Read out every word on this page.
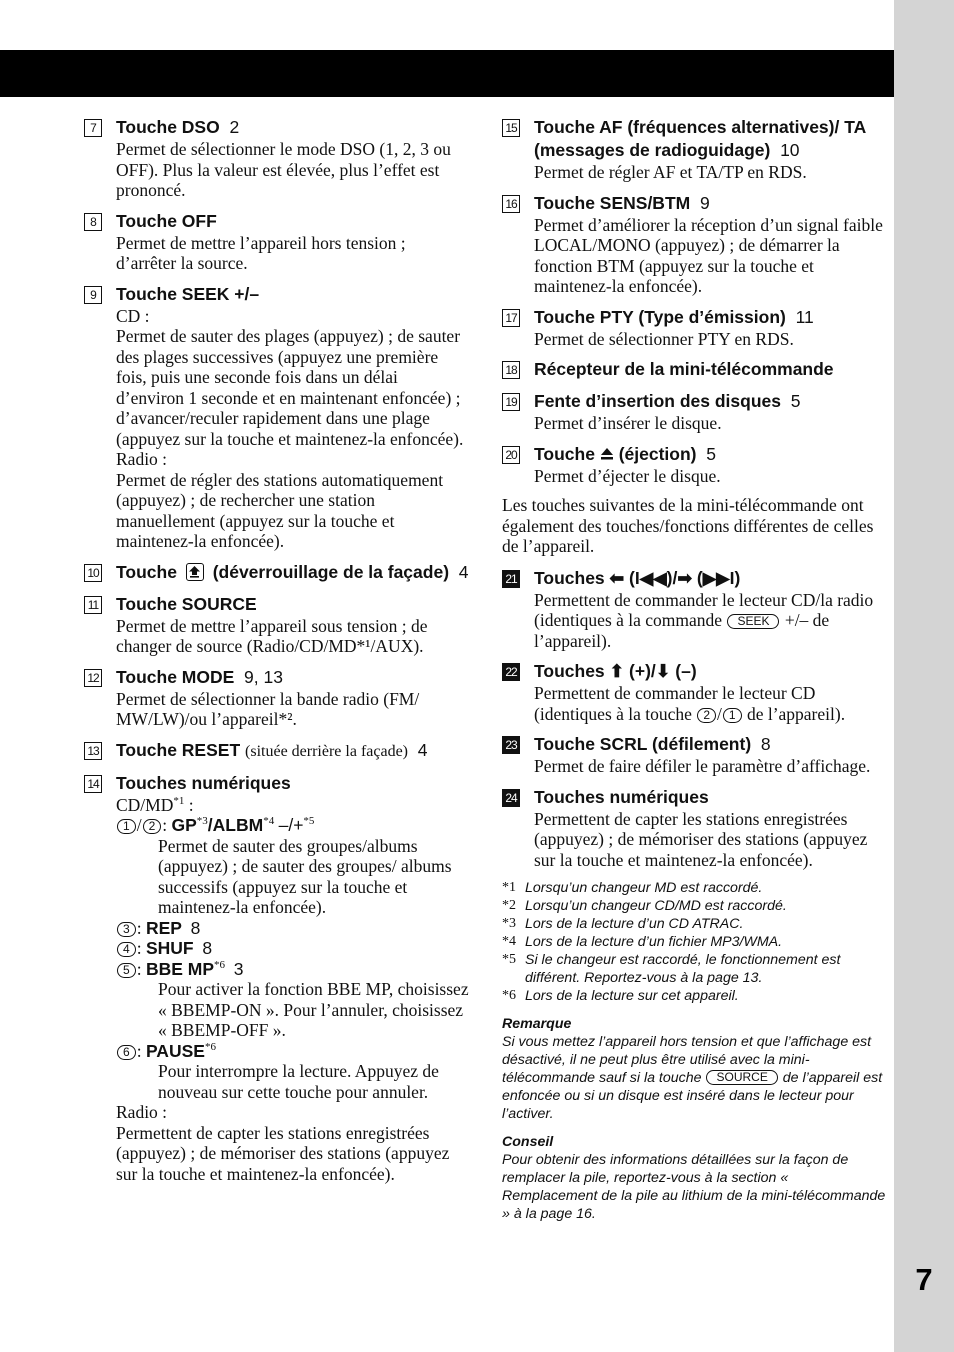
7
7	Touche DSO 2
Permet de sélectionner le mode DSO (1, 2, 3 ou OFF). Plus la valeur est élevée, plus l’effet est prononcé.
8	Touche OFF
Permet de mettre l’appareil hors tension ; d’arrêter la source.
9	Touche SEEK +/–

CD :

Permet de sauter des plages (appuyez) ; de sauter des plages successives (appuyez une première fois, puis une seconde fois dans un délai d’environ 1 seconde et en maintenant enfoncée) ; d’avancer/reculer rapidement dans une plage (appuyez sur la touche et maintenez-la enfoncée).

Radio :

Permet de régler des stations automatiquement (appuyez) ; de rechercher une station manuellement (appuyez sur la touche et maintenez-la enfoncée).

10 Touche (déverrouillage de la façade) 4
11 Touche SOURCE
Permet de mettre l’appareil sous tension ; de changer de source (Radio/CD/MD*¹/AUX).
12 Touche MODE 9, 13
Permet de sélectionner la bande radio (FM/ MW/LW)/ou l’appareil*².
13 Touche RESET (située derrière la façade) 4
14 Touches numériques

CD/MD$^{*1}$ :

1 / 2 : GP$^{*3}$/ALBM$^{*4}$ –/+$^{*5}$

Permet de sauter des groupes/albums (appuyez) ; de sauter des groupes/ albums successifs (appuyez sur la touche et maintenez-la enfoncée).

3 : REP 8

4 : SHUF 8

5 : BBE MP$^{*6}$ 3

Pour activer la fonction BBE MP, choisissez « BBEMP-ON ». Pour l’annuler, choisissez « BBEMP-OFF ».

6 : PAUSE$^{*6}$

Pour interrompre la lecture. Appuyez de nouveau sur cette touche pour annuler.

Radio :

Permettent de capter les stations enregistrées (appuyez) ; de mémoriser des stations (appuyez sur la touche et maintenez-la enfoncée).

15 Touche AF (fréquences alternatives)/ TA (messages de radioguidage) 10
Permet de régler AF et TA/TP en RDS.
16 Touche SENS/BTM 9
Permet d’améliorer la réception d’un signal faible LOCAL/MONO (appuyez) ; de démarrer la fonction BTM (appuyez sur la touche et maintenez-la enfoncée).
17 Touche PTY (Type d’émission) 11
Permet de sélectionner PTY en RDS.
18 Récepteur de la mini-télécommande
19 Fente d’insertion des disques 5
Permet d’insérer le disque.
20 Touche (éjection) 5
Permet d’éjecter le disque.
Les touches suivantes de la mini-télécommande ont également des touches/fonctions différentes de celles de l’appareil.
21 Touches ⬅ (I◀◀)/➡ (▶▶I)
Permettent de commander le lecteur CD/la radio (identiques à la commande SEEK +/– de l’appareil).
22 Touches ⬆ (+)/⬇ (–)
Permettent de commander le lecteur CD (identiques à la touche 2 / 1 de l’appareil).
23 Touche SCRL (défilement) 8
Permet de faire défiler le paramètre d’affichage.
24 Touches numériques
Permettent de capter les stations enregistrées (appuyez) ; de mémoriser des stations (appuyez sur la touche et maintenez-la enfoncée).
*1 Lorsqu’un changeur MD est raccordé.
*2 Lorsqu’un changeur CD/MD est raccordé.
*3 Lors de la lecture d’un CD ATRAC.
*4 Lors de la lecture d’un fichier MP3/WMA.
*5 Si le changeur est raccordé, le fonctionnement est différent. Reportez-vous à la page 13.
*6 Lors de la lecture sur cet appareil.
Remarque
Si vous mettez l’appareil hors tension et que l’affichage est désactivé, il ne peut plus être utilisé avec la mini-télécommande sauf si la touche SOURCE de l’appareil est enfoncée ou si un disque est inséré dans le lecteur pour l’activer.
Conseil
Pour obtenir des informations détaillées sur la façon de remplacer la pile, reportez-vous à la section « Remplacement de la pile au lithium de la mini-télécommande » à la page 16.
